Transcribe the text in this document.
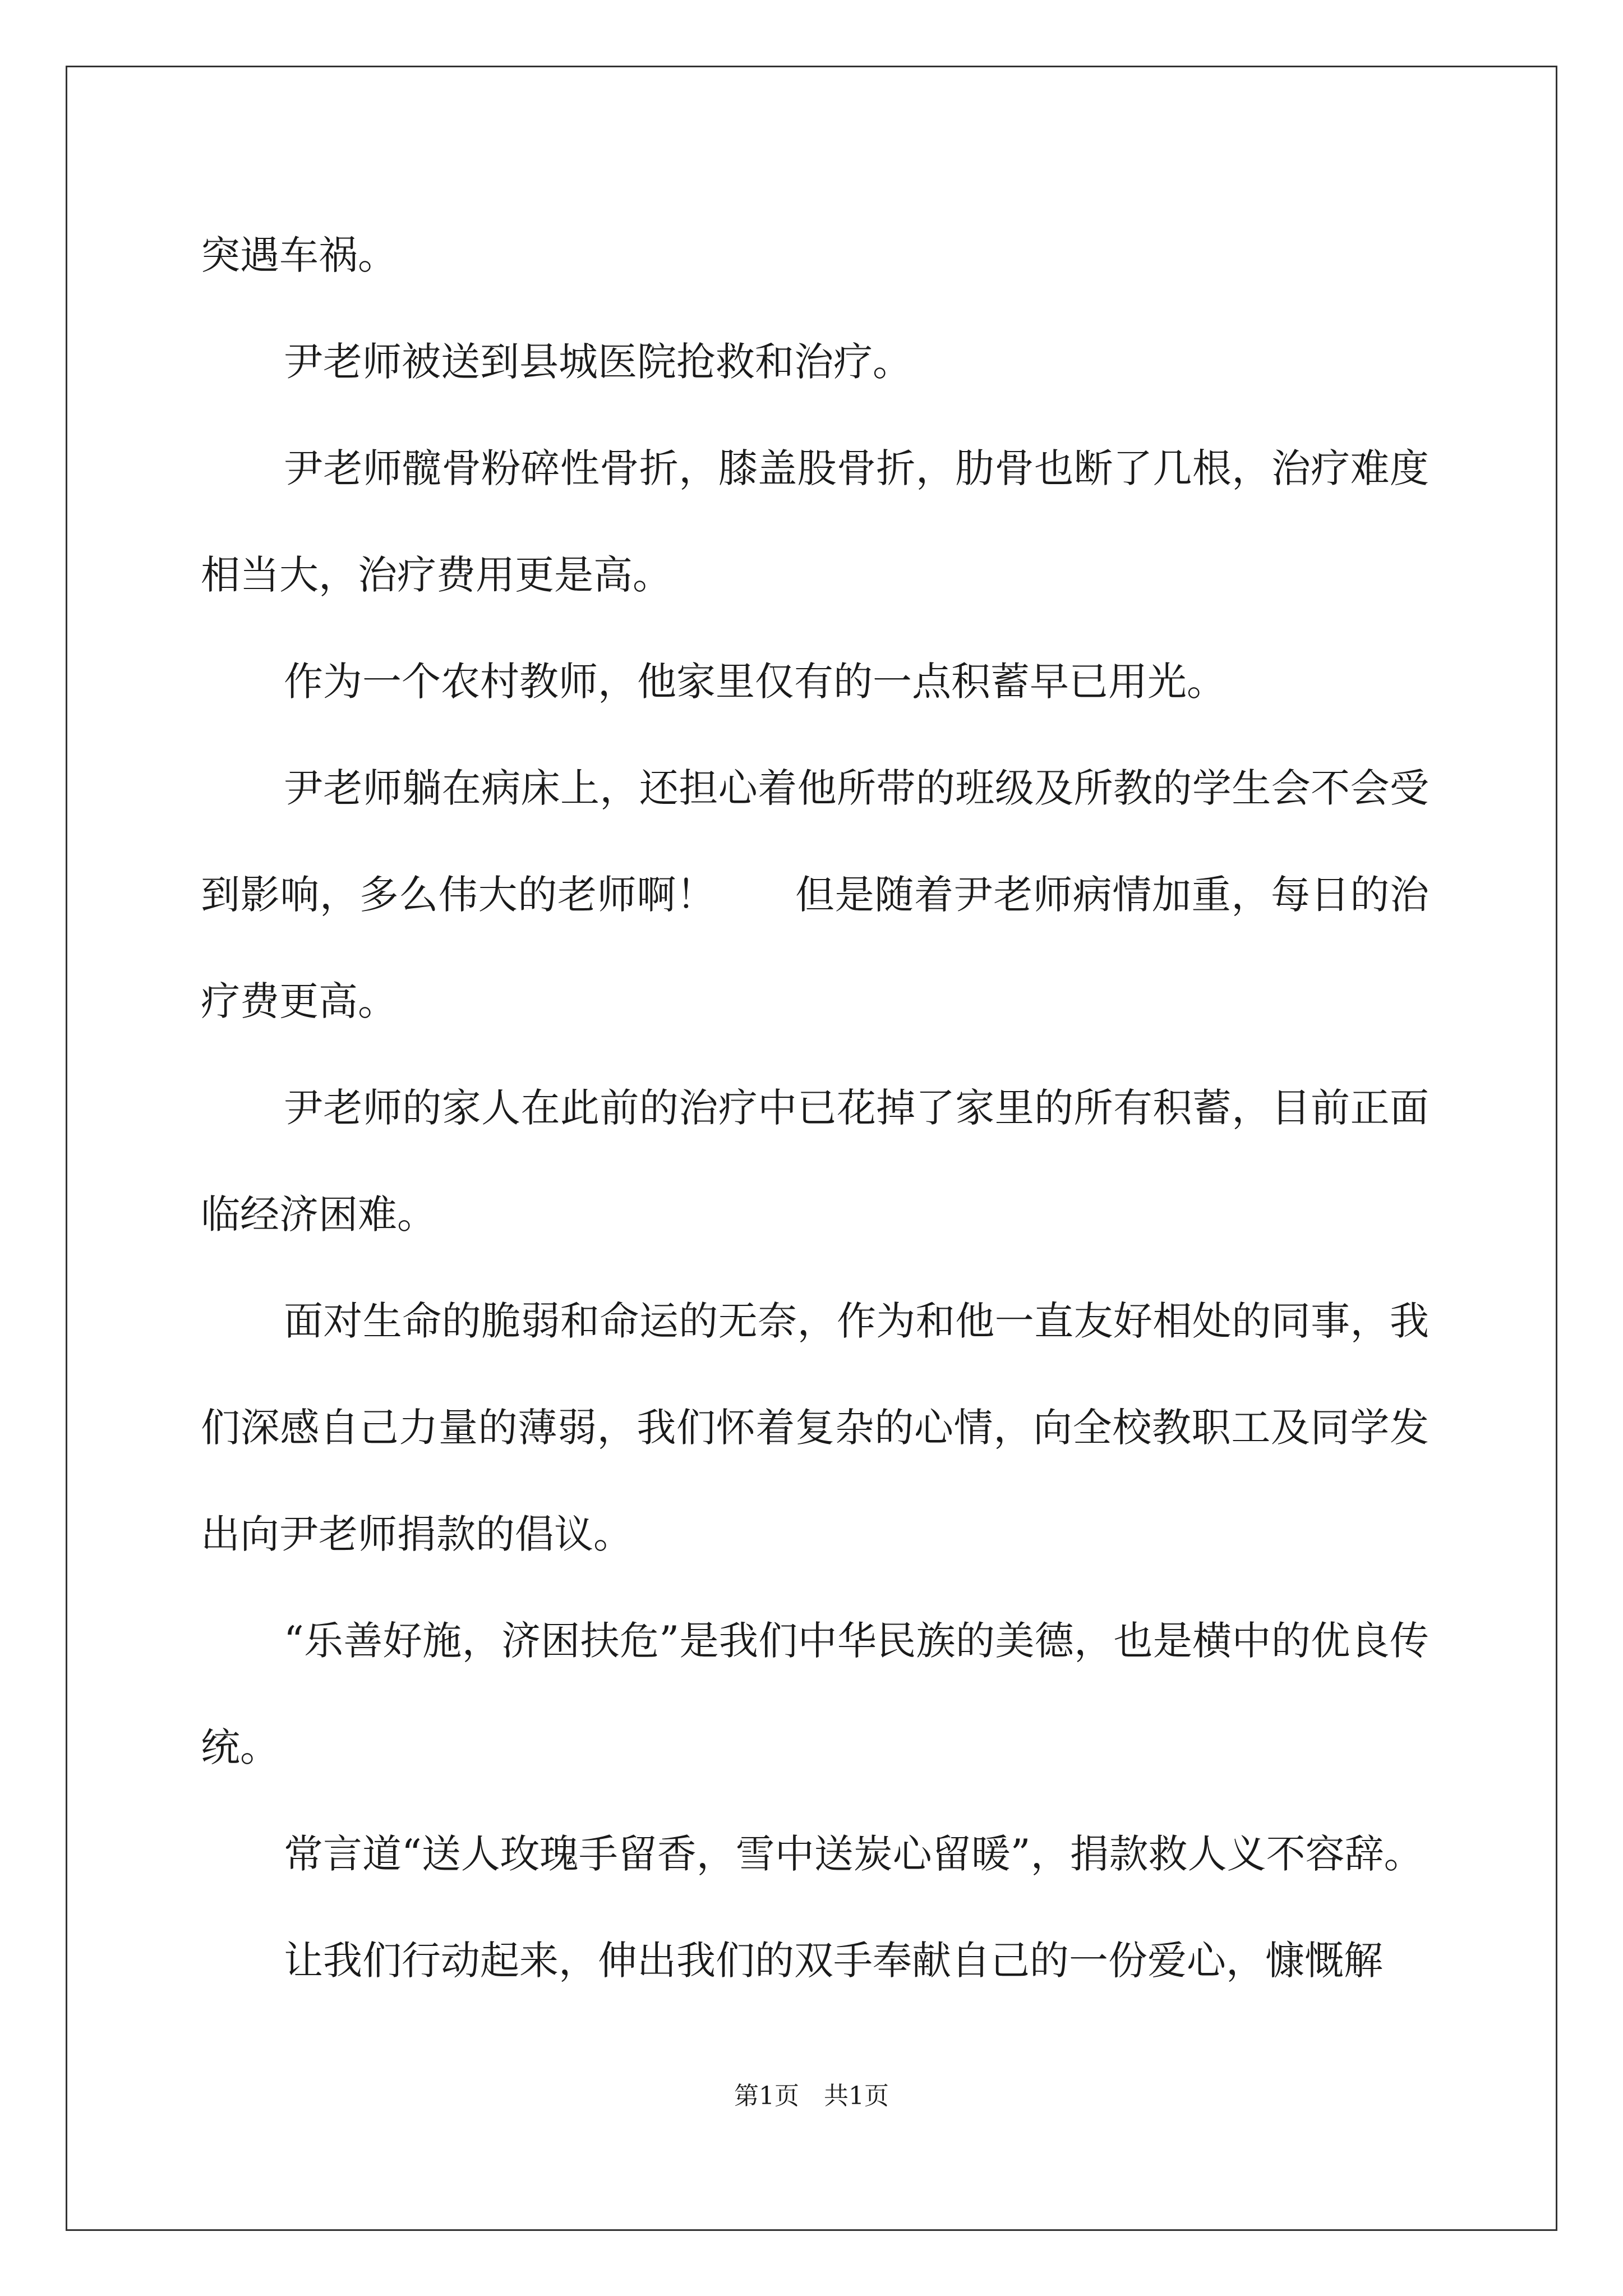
突遇车祸。

尹老师被送到县城医院抢救和治疗。

尹老师髋骨粉碎性骨折，膝盖股骨折，肋骨也断了几根，治疗难度相当大，治疗费用更是高。

作为一个农村教师，他家里仅有的一点积蓄早已用光。

尹老师躺在病床上，还担心着他所带的班级及所教的学生会不会受到影响，多么伟大的老师啊！　　但是随着尹老师病情加重，每日的治疗费更高。

尹老师的家人在此前的治疗中已花掉了家里的所有积蓄，目前正面临经济困难。

面对生命的脆弱和命运的无奈，作为和他一直友好相处的同事，我们深感自己力量的薄弱，我们怀着复杂的心情，向全校教职工及同学发出向尹老师捐款的倡议。

“乐善好施，济困扶危”是我们中华民族的美德，也是横中的优良传统。

常言道“送人玫瑰手留香，雪中送炭心留暖”，捐款救人义不容辞。

让我们行动起来，伸出我们的双手奉献自己的一份爱心，慷慨解

第1页　共1页
